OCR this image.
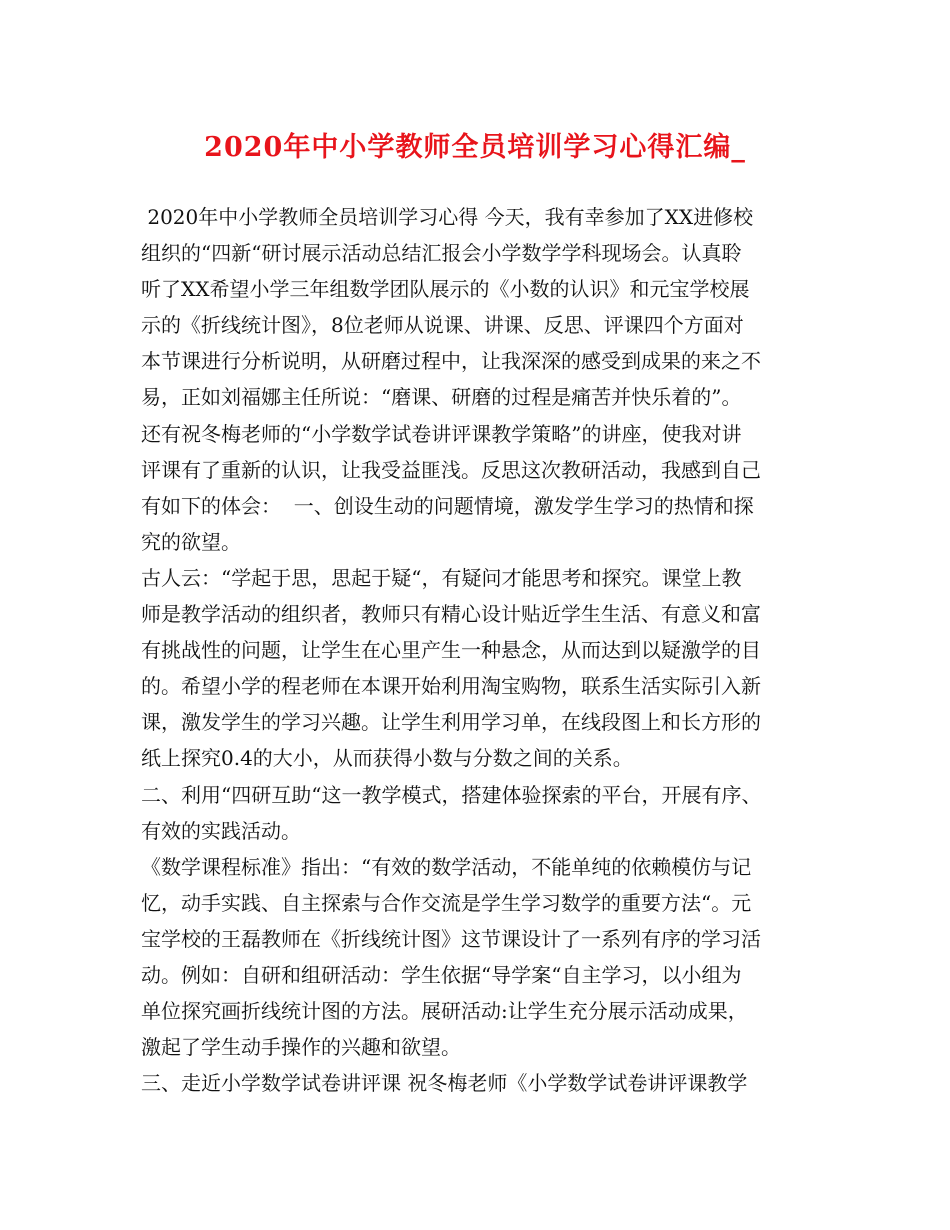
2020年中小学教师全员培训学习心得汇编_
2020年中小学教师全员培训学习心得 今天，我有幸参加了XX进修校
组织的“四新“研讨展示活动总结汇报会小学数学学科现场会。认真聆
听了XX希望小学三年组数学团队展示的《小数的认识》和元宝学校展
示的《折线统计图》，8位老师从说课、讲课、反思、评课四个方面对
本节课进行分析说明，从研磨过程中，让我深深的感受到成果的来之不
易，正如刘福娜主任所说：“磨课、研磨的过程是痛苦并快乐着的”。
还有祝冬梅老师的“小学数学试卷讲评课教学策略”的讲座，使我对讲
评课有了重新的认识，让我受益匪浅。反思这次教研活动，我感到自己
有如下的体会：  一、创设生动的问题情境，激发学生学习的热情和探
究的欲望。
古人云：“学起于思，思起于疑“，有疑问才能思考和探究。课堂上教
师是教学活动的组织者，教师只有精心设计贴近学生生活、有意义和富
有挑战性的问题，让学生在心里产生一种悬念，从而达到以疑激学的目
的。希望小学的程老师在本课开始利用淘宝购物，联系生活实际引入新
课，激发学生的学习兴趣。让学生利用学习单，在线段图上和长方形的
纸上探究0.4的大小，从而获得小数与分数之间的关系。
二、利用“四研互助“这一教学模式，搭建体验探索的平台，开展有序、
有效的实践活动。
《数学课程标准》指出：“有效的数学活动，不能单纯的依赖模仿与记
忆，动手实践、自主探索与合作交流是学生学习数学的重要方法“。元
宝学校的王磊教师在《折线统计图》这节课设计了一系列有序的学习活
动。例如：自研和组研活动：学生依据“导学案“自主学习，以小组为
单位探究画折线统计图的方法。展研活动:让学生充分展示活动成果，
激起了学生动手操作的兴趣和欲望。
三、走近小学数学试卷讲评课 祝冬梅老师《小学数学试卷讲评课教学
